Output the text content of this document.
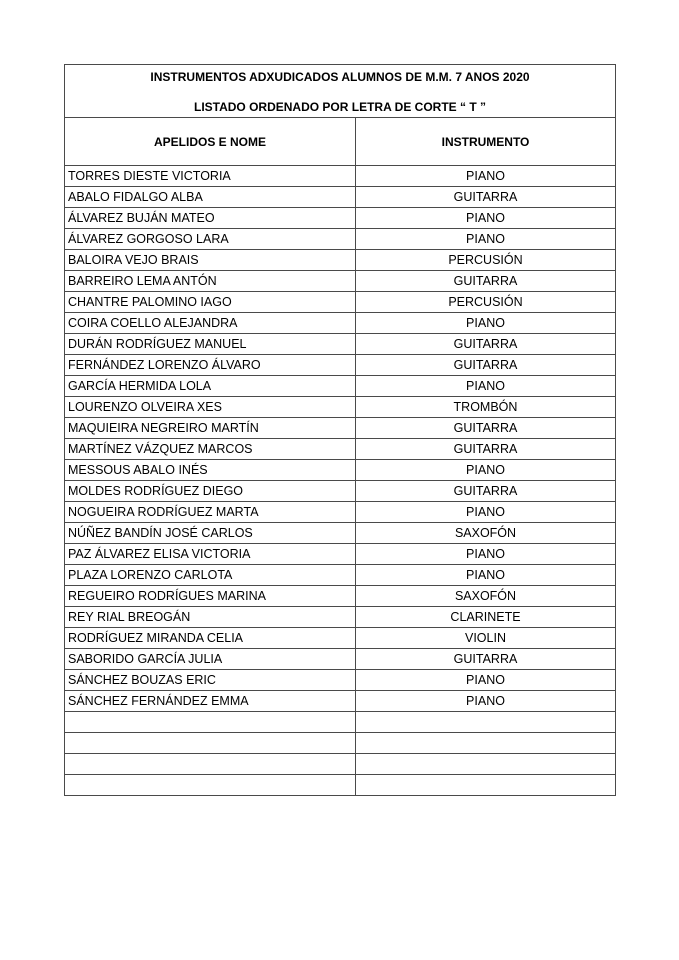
INSTRUMENTOS ADXUDICADOS ALUMNOS DE M.M. 7 ANOS 2020
LISTADO ORDENADO POR LETRA DE CORTE “ T ”	

APELIDOS E NOME	INSTRUMENTO
TORRES DIESTE VICTORIA	PIANO
ABALO FIDALGO ALBA	GUITARRA
ÁLVAREZ BUJÁN MATEO	PIANO
ÁLVAREZ GORGOSO LARA	PIANO
BALOIRA VEJO BRAIS	PERCUSIÓN
BARREIRO LEMA ANTÓN	GUITARRA
CHANTRE PALOMINO IAGO	PERCUSIÓN
COIRA COELLO ALEJANDRA	PIANO
DURÁN RODRÍGUEZ MANUEL	GUITARRA
FERNÁNDEZ LORENZO ÁLVARO	GUITARRA
GARCÍA HERMIDA LOLA	PIANO
LOURENZO OLVEIRA XES	TROMBÓN
MAQUIEIRA NEGREIRO MARTÍN	GUITARRA
MARTÍNEZ VÁZQUEZ MARCOS	GUITARRA
MESSOUS ABALO INÉS	PIANO
MOLDES RODRÍGUEZ DIEGO	GUITARRA
NOGUEIRA RODRÍGUEZ MARTA	PIANO
NÚÑEZ BANDÍN JOSÉ CARLOS	SAXOFÓN
PAZ ÁLVAREZ ELISA VICTORIA	PIANO
PLAZA LORENZO CARLOTA	PIANO
REGUEIRO RODRÍGUES MARINA	SAXOFÓN
REY RIAL BREOGÁN	CLARINETE
RODRÍGUEZ MIRANDA CELIA	VIOLIN
SABORIDO GARCÍA JULIA	GUITARRA
SÁNCHEZ BOUZAS ERIC	PIANO
SÁNCHEZ FERNÁNDEZ EMMA	PIANO
